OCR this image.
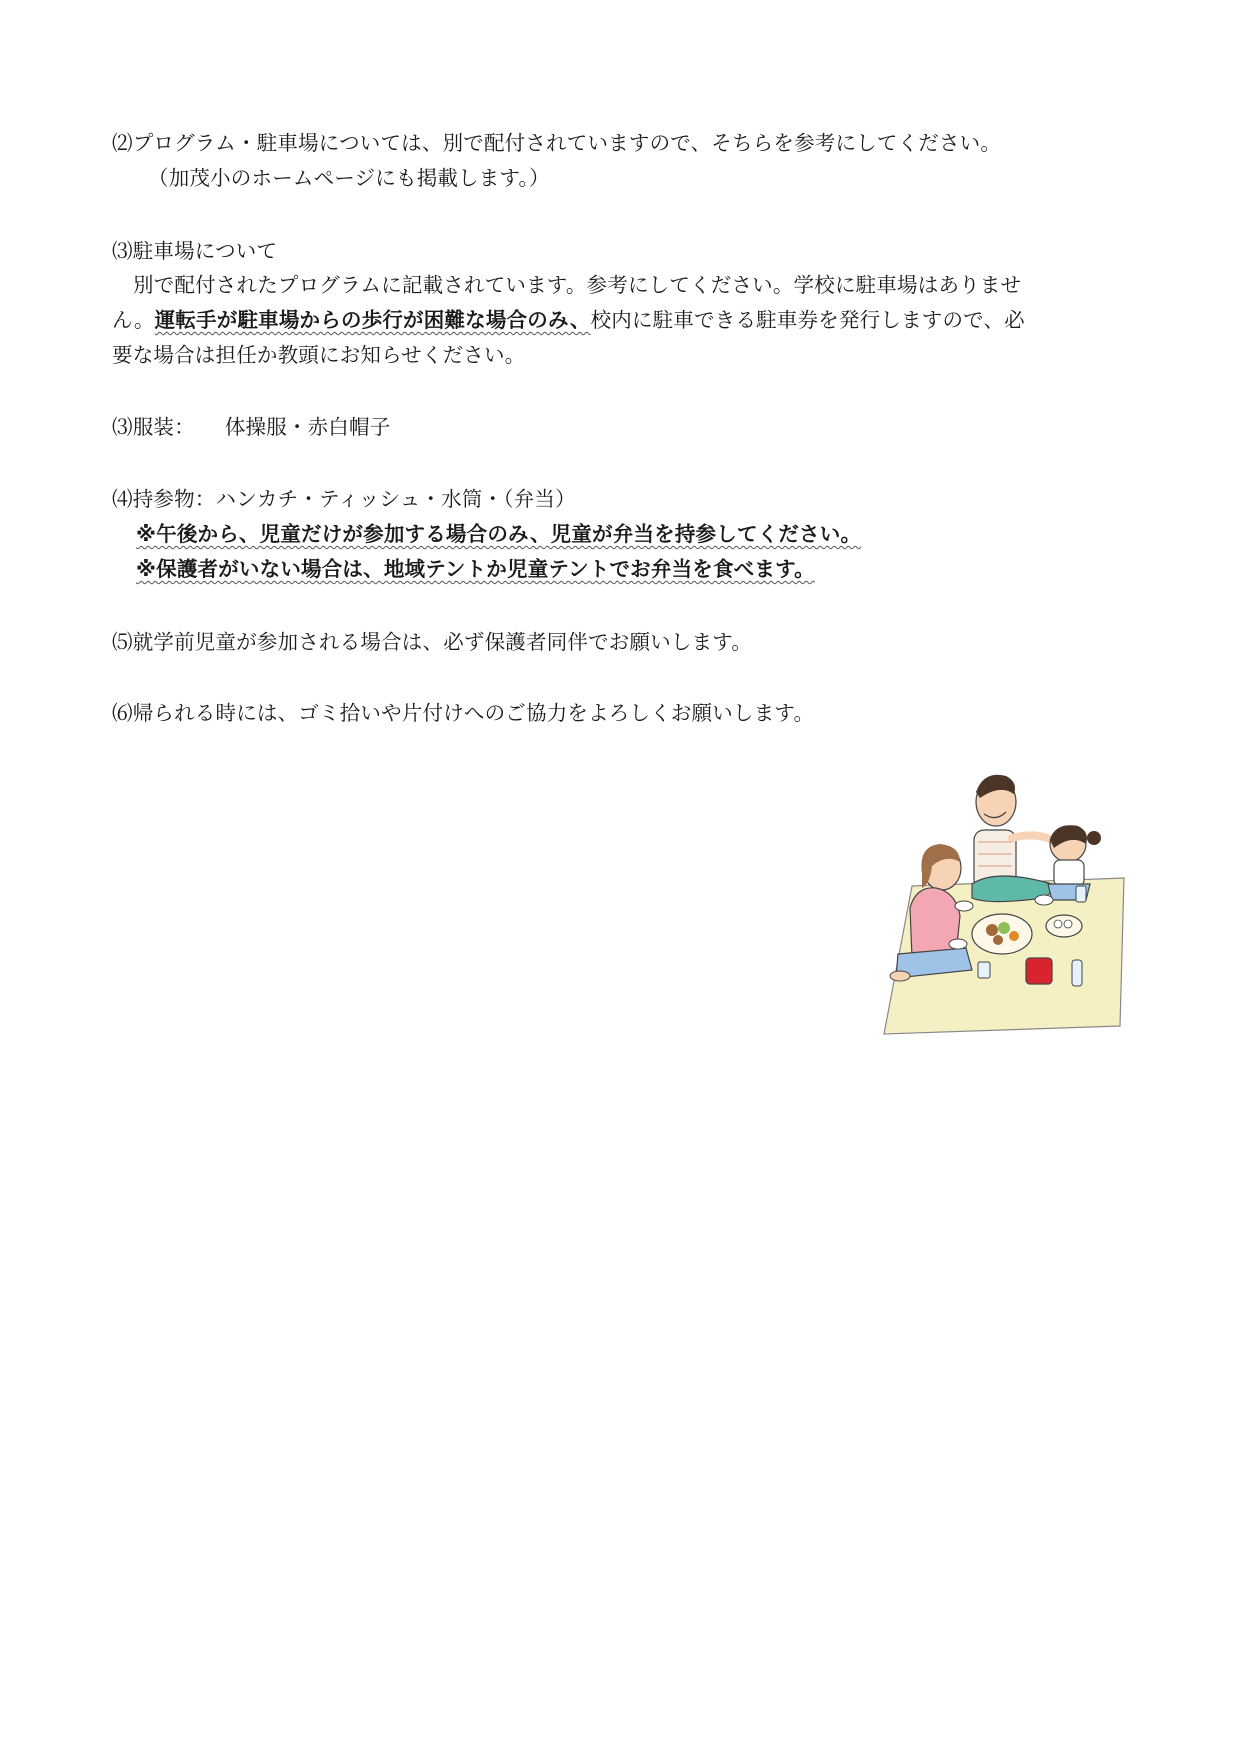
⑵プログラム・駐車場については、別で配付されていますので、そちらを参考にしてください。
（加茂小のホームページにも掲載します。）
⑶駐車場について
別で配付されたプログラムに記載されています。参考にしてください。学校に駐車場はありませ
ん。運転手が駐車場からの歩行が困難な場合のみ、校内に駐車できる駐車券を発行しますので、必
要な場合は担任か教頭にお知らせください。
⑶服装： 体操服・赤白帽子
⑷持参物：ハンカチ・ティッシュ・水筒・（弁当）
※午後から、児童だけが参加する場合のみ、児童が弁当を持参してください。
※保護者がいない場合は、地域テントか児童テントでお弁当を食べます。
⑸就学前児童が参加される場合は、必ず保護者同伴でお願いします。
⑹帰られる時には、ゴミ拾いや片付けへのご協力をよろしくお願いします。
